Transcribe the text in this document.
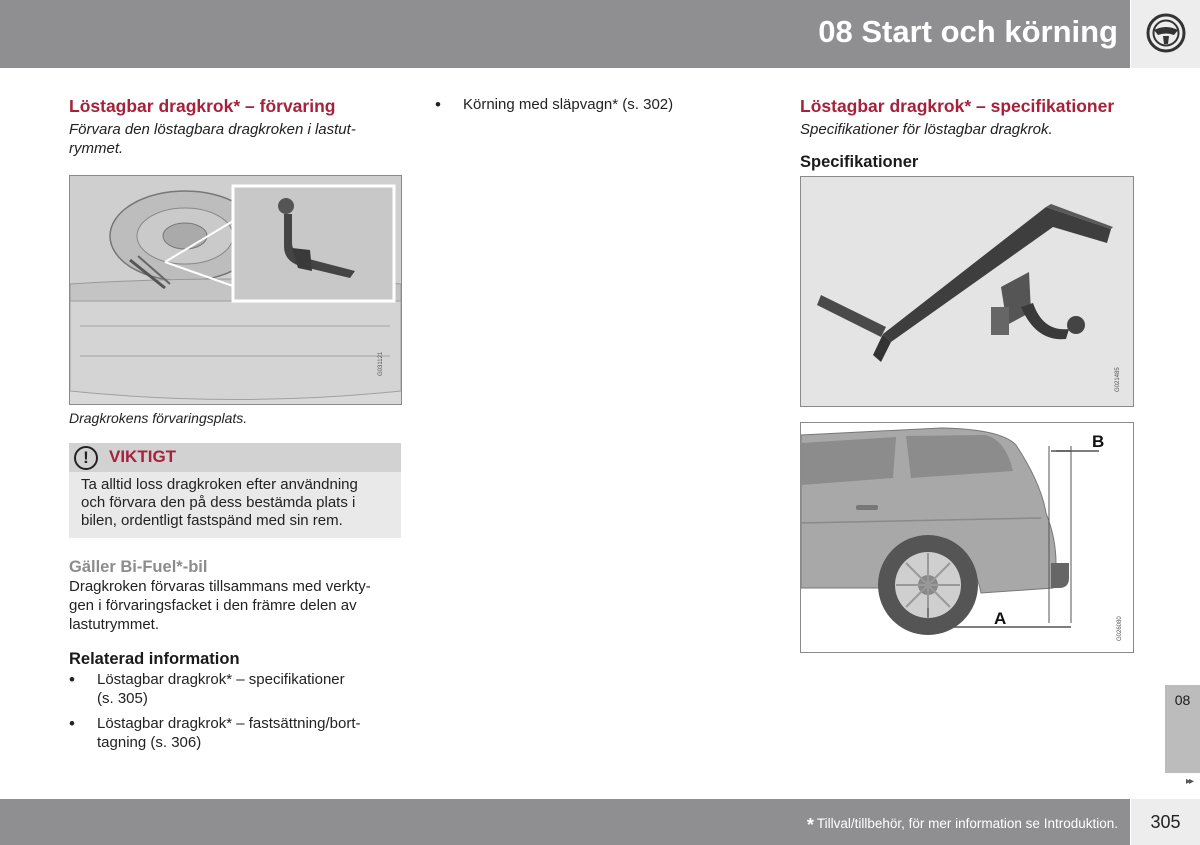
08 Start och körning
Löstagbar dragkrok* – förvaring
Förvara den löstagbara dragkroken i lastut-
rymmet.
G031121
Dragkrokens förvaringsplats.
!	VIKTIGT
Ta alltid loss dragkroken efter användning
och förvara den på dess bestämda plats i
bilen, ordentligt fastspänd med sin rem.
Gäller Bi-Fuel*-bil
Dragkroken förvaras tillsammans med verkty-
gen i förvaringsfacket i den främre delen av
lastutrymmet.
Relaterad information
• Löstagbar dragkrok* – specifikationer
(s. 305)
• Löstagbar dragkrok* – fastsättning/bort-
tagning (s. 306)
• Körning med släpvagn* (s. 302)	Löstagbar dragkrok* – specifikationer
Specifikationer för löstagbar dragkrok.
Specifikationer
G021485
B
A	G026080
08
▸▸
* Tillval/tillbehör, för mer information se Introduktion.	305
